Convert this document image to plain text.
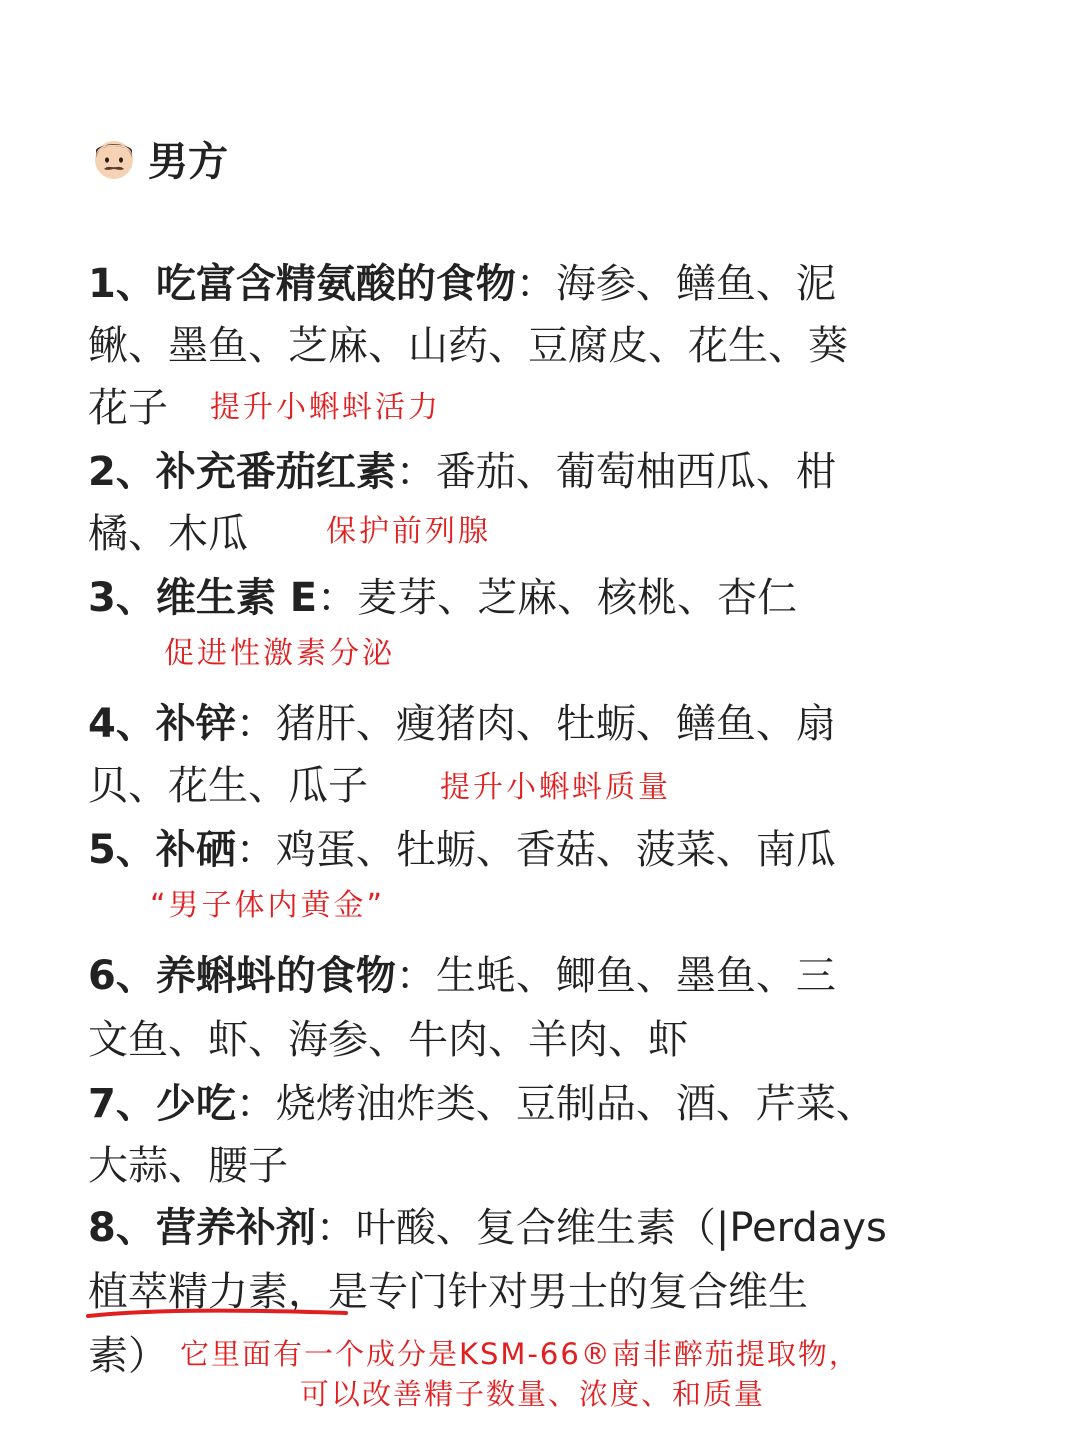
男方
1、吃富含精氨酸的食物：海参、鳝鱼、泥
鳅、墨鱼、芝麻、山药、豆腐皮、花生、葵
花子 提升小蝌蚪活力
2、补充番茄红素：番茄、葡萄柚西瓜、柑
橘、木瓜	保护前列腺
3、维生素 E：麦芽、芝麻、核桃、杏仁
促进性激素分泌
4、补锌：猪肝、瘦猪肉、牡蛎、鳝鱼、扇
贝、花生、瓜子 提升小蝌蚪质量
5、补硒：鸡蛋、牡蛎、香菇、菠菜、南瓜
“男子体内黄金”
6、养蝌蚪的食物：生蚝、鲫鱼、墨鱼、三
文鱼、虾、海参、牛肉、羊肉、虾
7、少吃：烧烤油炸类、豆制品、酒、芹菜、
大蒜、腰子
8、营养补剂：叶酸、复合维生素（|Perdays
植萃精力素，是专门针对男士的复合维生
素） 它里面有一个成分是KSM-66®南非醉茄提取物，
可以改善精子数量、浓度、和质量
